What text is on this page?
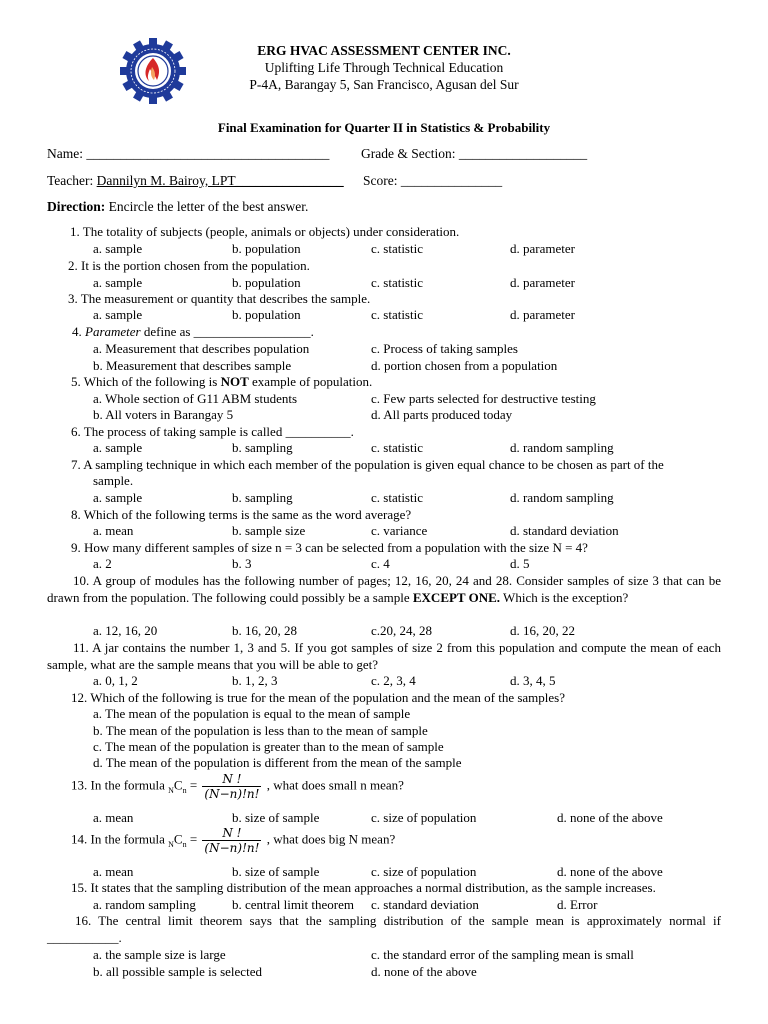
ERG HVAC ASSESSMENT CENTER INC.
Uplifting Life Through Technical Education
P-4A, Barangay 5, San Francisco, Agusan del Sur
Final Examination for Quarter II in Statistics & Probability
Name: ____________________________________ Grade & Section: ___________________
Teacher: Dannilyn M. Bairoy, LPT________________ Score: _______________
Direction: Encircle the letter of the best answer.
1. The totality of subjects (people, animals or objects) under consideration.
a. sample	b. population	c. statistic	d. parameter
2. It is the portion chosen from the population.
a. sample	b. population	c. statistic	d. parameter
3. The measurement or quantity that describes the sample.
a. sample	b. population	c. statistic	d. parameter
4. Parameter define as __________________.
a. Measurement that describes population	c. Process of taking samples
b. Measurement that describes sample	d. portion chosen from a population
5. Which of the following is NOT example of population.
a. Whole section of G11 ABM students	c. Few parts selected for destructive testing
b. All voters in Barangay 5	d. All parts produced today
6. The process of taking sample is called __________.
a. sample	b. sampling	c. statistic	d. random sampling
7. A sampling technique in which each member of the population is given equal chance to be chosen as part of the
sample.
a. sample	b. sampling	c. statistic	d. random sampling
8. Which of the following terms is the same as the word average?
a. mean	b. sample size	c. variance	d. standard deviation
9. How many different samples of size n = 3 can be selected from a population with the size N = 4?
a. 2	b. 3	c. 4	d. 5
10. A group of modules has the following number of pages; 12, 16, 20, 24 and 28. Consider samples of size 3 that can be drawn from the population. The following could possibly be a sample EXCEPT ONE. Which is the exception?
a. 12, 16, 20	b. 16, 20, 28	c.20, 24, 28	d. 16, 20, 22
11. A jar contains the number 1, 3 and 5. If you got samples of size 2 from this population and compute the mean of each sample, what are the sample means that you will be able to get?
a. 0, 1, 2	b. 1, 2, 3	c. 2, 3, 4	d. 3, 4, 5
12. Which of the following is true for the mean of the population and the mean of the samples?
a. The mean of the population is equal to the mean of sample
b. The mean of the population is less than to the mean of sample
c. The mean of the population is greater than to the mean of sample
d. The mean of the population is different from the mean of the sample
13. In the formula $_NC_n = \frac{N !}{(N-n)!n!}$ , what does small n mean?
a. mean	b. size of sample	c. size of population	d. none of the above
14. In the formula $_NC_n = \frac{N !}{(N-n)!n!}$ , what does big N mean?
a. mean	b. size of sample	c. size of population	d. none of the above
15. It states that the sampling distribution of the mean approaches a normal distribution, as the sample increases.
a. random sampling	b. central limit theorem c. standard deviation	d. Error
16. The central limit theorem says that the sampling distribution of the sample mean is approximately normal if ___________.
a. the sample size is large	c. the standard error of the sampling mean is small
b. all possible sample is selected	d. none of the above
